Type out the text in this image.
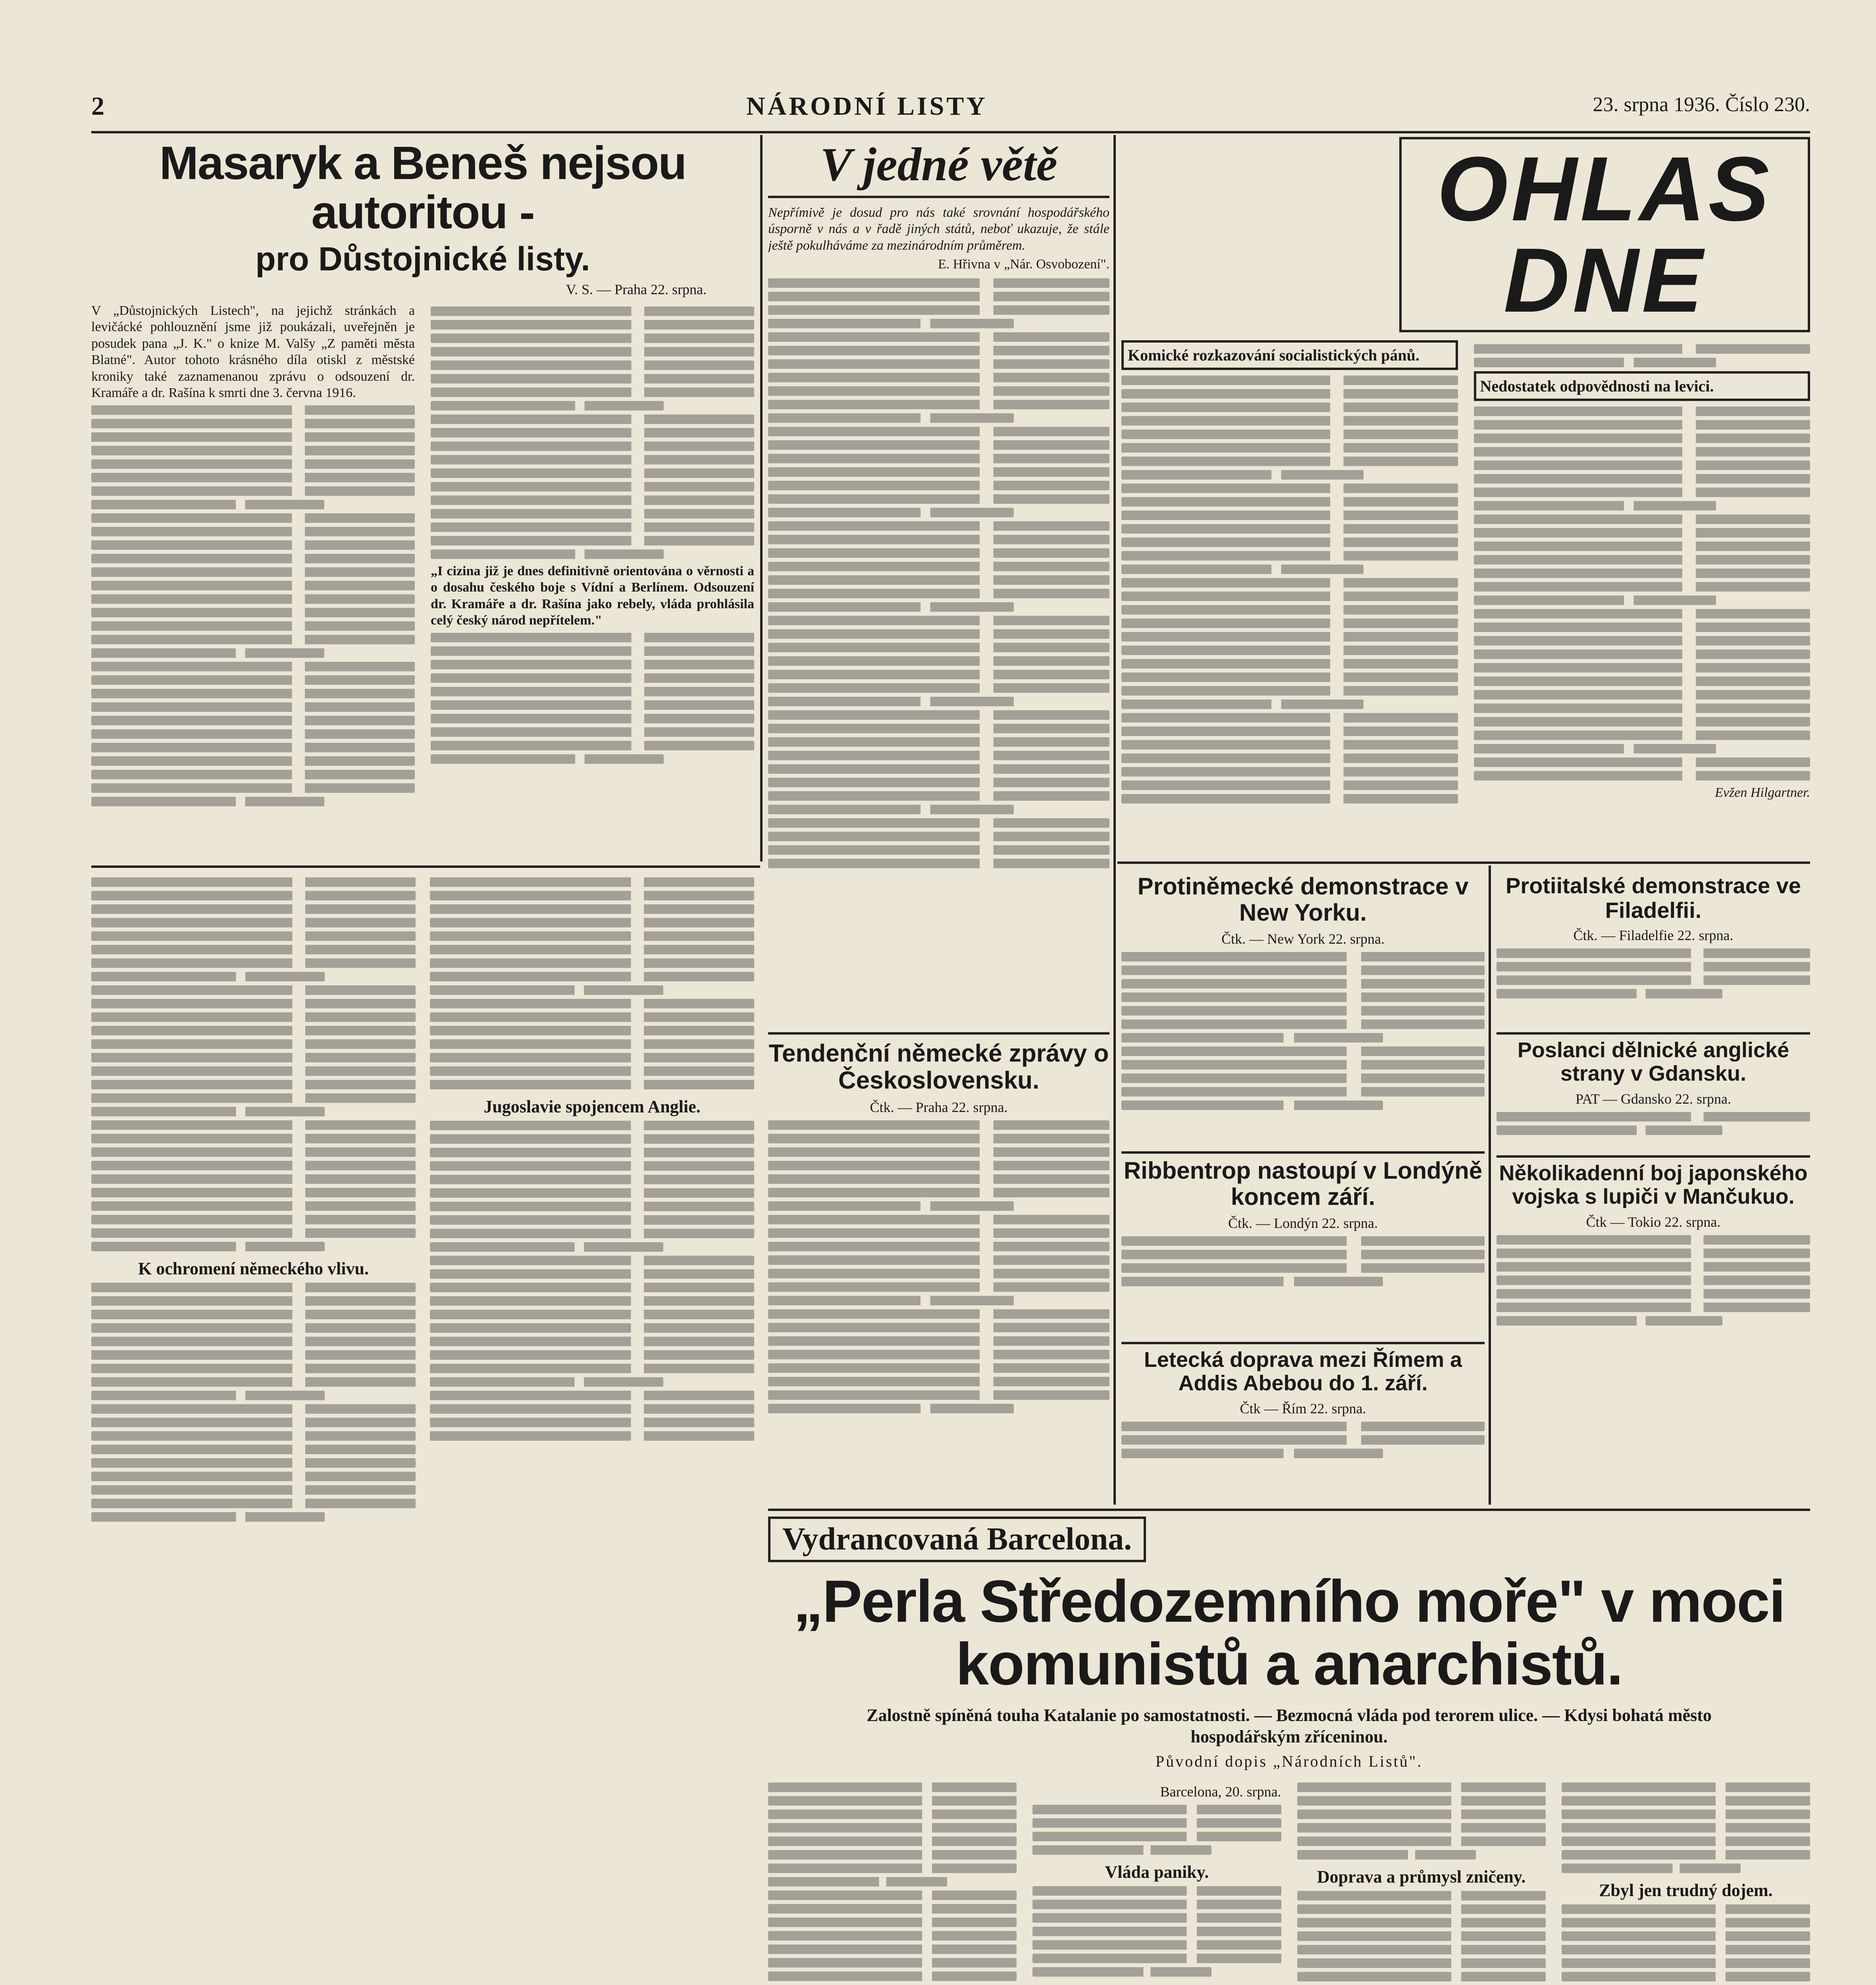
2	NÁRODNÍ LISTY	23. srpna 1936. Číslo 230.
Masaryk a Beneš nejsou autoritou -
pro Důstojnické listy.
V. S. — Praha 22. srpna.

V „Důstojnických Listech", na jejichž stránkách a levičácké pohlouznění jsme již poukázali, uveřejněn je posudek pana „J. K." o knize M. Valšy „Z paměti města Blatné". Autor tohoto krásného díla otiskl z městské kroniky také zaznamenanou zprávu o odsouzení dr. Kramáře a dr. Rašína k smrti dne 3. června 1916.

„I cizina již je dnes definitivně orientována o věrnosti a o dosahu českého boje s Vídní a Berlínem. Odsouzení dr. Kramáře a dr. Rašína jako rebely, vláda prohlásila celý český národ nepřítelem."

V jedné větě

Nepřímivě je dosud pro nás také srovnání hospodářského úsporně v nás a v řadě jiných států, neboť ukazuje, že stále ještě pokulháváme za mezinárodním průměrem.

E. Hřivna v „Nár. Osvobození".

Tendenční německé zprávy o Československu.
Čtk. — Praha 22. srpna.
OHLAS DNE
Komické rozkazování socialistických pánů.
Nedostatek odpovědnosti na levici.
Evžen Hilgartner.
Protiněmecké demonstrace v New Yorku.
Čtk. — New York 22. srpna.
Ribbentrop nastoupí v Londýně koncem září.
Čtk. — Londýn 22. srpna.
Letecká doprava mezi Římem a Addis Abebou do 1. září.
Čtk — Řím 22. srpna.
Protiitalské demonstrace ve Filadelfii.
Čtk. — Filadelfie 22. srpna.
Poslanci dělnické anglické strany v Gdansku.
PAT — Gdansko 22. srpna.
Několikadenní boj japonského vojska s lupiči v Mančukuo.
Čtk — Tokio 22. srpna.
K ochromení německého vlivu.
Jugoslavie spojencem Anglie.
Vydrancovaná Barcelona.
„Perla Středozemního moře" v moci komunistů a anarchistů.
Zalostně spíněná touha Katalanie po samostatnosti. — Bezmocná vláda pod terorem ulice. — Kdysi bohatá město hospodářským zříceninou.
Původní dopis „Národních Listů".
Barcelona, 20. srpna.
Vláda paniky.	Doprava a průmysl zničeny.
Zbyl jen trudný dojem.
